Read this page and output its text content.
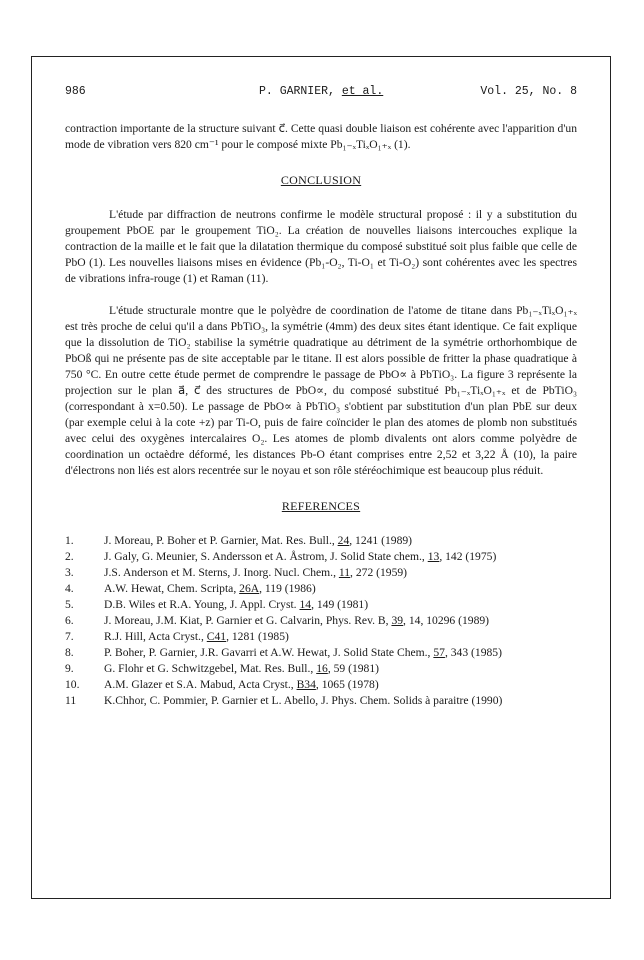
986	P. GARNIER, et al.	Vol. 25, No. 8

contraction importante de la structure suivant c⃗. Cette quasi double liaison est cohérente avec l'apparition d'un mode de vibration vers 820 cm⁻¹ pour le composé mixte Pb₁₋ₓTiₓO₁₊ₓ (1).

CONCLUSION

L'étude par diffraction de neutrons confirme le modèle structural proposé : il y a substitution du groupement PbOE par le groupement TiO₂. La création de nouvelles liaisons intercouches explique la contraction de la maille et le fait que la dilatation thermique du composé substitué soit plus faible que celle de PbO (1). Les nouvelles liaisons mises en évidence (Pb₁-O₂, Ti-O₁ et Ti-O₂) sont cohérentes avec les spectres de vibrations infra-rouge (1) et Raman (11).

L'étude structurale montre que le polyèdre de coordination de l'atome de titane dans Pb₁₋ₓTiₓO₁₊ₓ est très proche de celui qu'il a dans PbTiO₃, la symétrie (4mm) des deux sites étant identique. Ce fait explique que la dissolution de TiO₂ stabilise la symétrie quadratique au détriment de la symétrie orthorhombique de PbOß qui ne présente pas de site acceptable par le titane. Il est alors possible de fritter la phase quadratique à 750 °C. En outre cette étude permet de comprendre le passage de PbO∝ à PbTiO₃. La figure 3 représente la projection sur le plan a⃗, c⃗ des structures de PbO∝, du composé substitué Pb₁₋ₓTiₓO₁₊ₓ et de PbTiO₃ (correspondant à x=0.50). Le passage de PbO∝ à PbTiO₃ s'obtient par substitution d'un plan PbE sur deux (par exemple celui à la cote +z) par Ti-O, puis de faire coïncider le plan des atomes de plomb non substitués avec celui des oxygènes intercalaires O₂. Les atomes de plomb divalents ont alors comme polyèdre de coordination un octaèdre déformé, les distances Pb-O étant comprises entre 2,52 et 3,22 Å (10), la paire d'électrons non liés est alors recentrée sur le noyau et son rôle stéréochimique est beaucoup plus réduit.

REFERENCES
1.	J. Moreau, P. Boher et P. Garnier, Mat. Res. Bull., 24, 1241 (1989)
2.	J. Galy, G. Meunier, S. Andersson et A. Åstrom, J. Solid State chem., 13, 142 (1975)
3.	J.S. Anderson et M. Sterns, J. Inorg. Nucl. Chem., 11, 272 (1959)
4.	A.W. Hewat, Chem. Scripta, 26A, 119 (1986)
5.	D.B. Wiles et R.A. Young, J. Appl. Cryst. 14, 149 (1981)
6.	J. Moreau, J.M. Kiat, P. Garnier et G. Calvarin, Phys. Rev. B, 39, 14, 10296 (1989)
7.	R.J. Hill, Acta Cryst., C41, 1281 (1985)
8.	P. Boher, P. Garnier, J.R. Gavarri et A.W. Hewat, J. Solid State Chem., 57, 343 (1985)
9.	G. Flohr et G. Schwitzgebel, Mat. Res. Bull., 16, 59 (1981)
10. A.M. Glazer et S.A. Mabud, Acta Cryst., B34, 1065 (1978)
11 K.Chhor, C. Pommier, P. Garnier et L. Abello, J. Phys. Chem. Solids à paraitre (1990)
